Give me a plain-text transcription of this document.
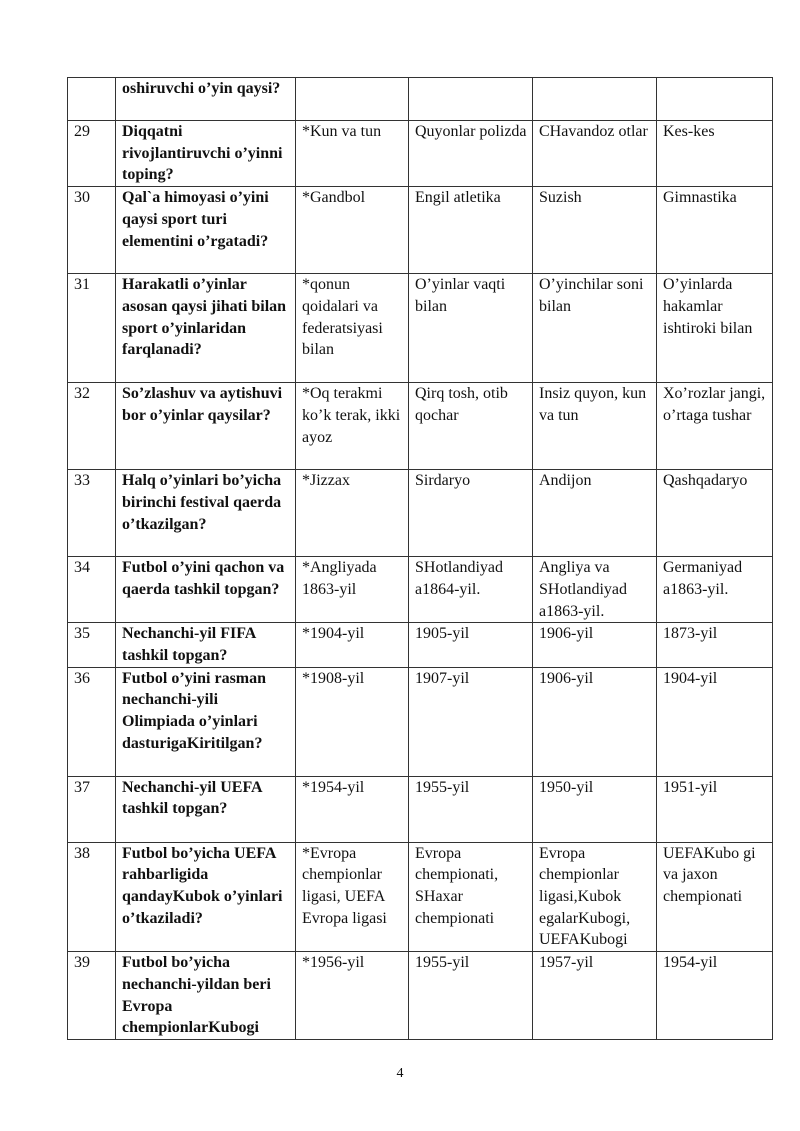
	oshiruvchi o’yin qaysi?				
29	Diqqatni rivojlantiruvchi o’yinni toping?	*Kun va tun	Quyonlar polizda	CHavandoz otlar	Kes-kes
30	Qal`a himoyasi o’yini qaysi sport turi elementini o’rgatadi?	*Gandbol	Engil atletika	Suzish	Gimnastika
31	Harakatli o’yinlar asosan qaysi jihati bilan sport o’yinlaridan farqlanadi?	*qonun qoidalari va federatsiyasi bilan	O’yinlar vaqti bilan	O’yinchilar soni bilan	O’yinlarda hakamlar ishtiroki bilan
32	So’zlashuv va aytishuvi bor o’yinlar qaysilar?	*Oq terakmi ko’k terak, ikki ayoz	Qirq tosh, otib qochar	Insiz quyon, kun va tun	Xo’rozlar jangi, o’rtaga tushar
33	Halq o’yinlari bo’yicha birinchi festival qaerda o’tkazilgan?	*Jizzax	Sirdaryo	Andijon	Qashqadaryo
34	Futbol o’yini qachon va qaerda tashkil topgan?	*Angliyada 1863-yil	SHotlandiyad a1864-yil.	Angliya va SHotlandiyad a1863-yil.	Germaniyad a1863-yil.
35	Nechanchi-yil FIFA tashkil topgan?	*1904-yil	1905-yil	1906-yil	1873-yil
36	Futbol o’yini rasman nechanchi-yili Olimpiada o’yinlari dasturigaKiritilgan?	*1908-yil	1907-yil	1906-yil	1904-yil
37	Nechanchi-yil UEFA tashkil topgan?	*1954-yil	1955-yil	1950-yil	1951-yil
38	Futbol bo’yicha UEFA rahbarligida qandayKubok o’yinlari o’tkaziladi?	*Evropa chempionlar ligasi, UEFA Evropa ligasi	Evropa chempionati, SHaxar chempionati	Evropa chempionlar ligasi,Kubok egalarKubogi, UEFAKubogi	UEFAKubo gi va jaxon chempionati
39	Futbol bo’yicha nechanchi-yildan beri Evropa chempionlarKubogi	*1956-yil	1955-yil	1957-yil	1954-yil
4
